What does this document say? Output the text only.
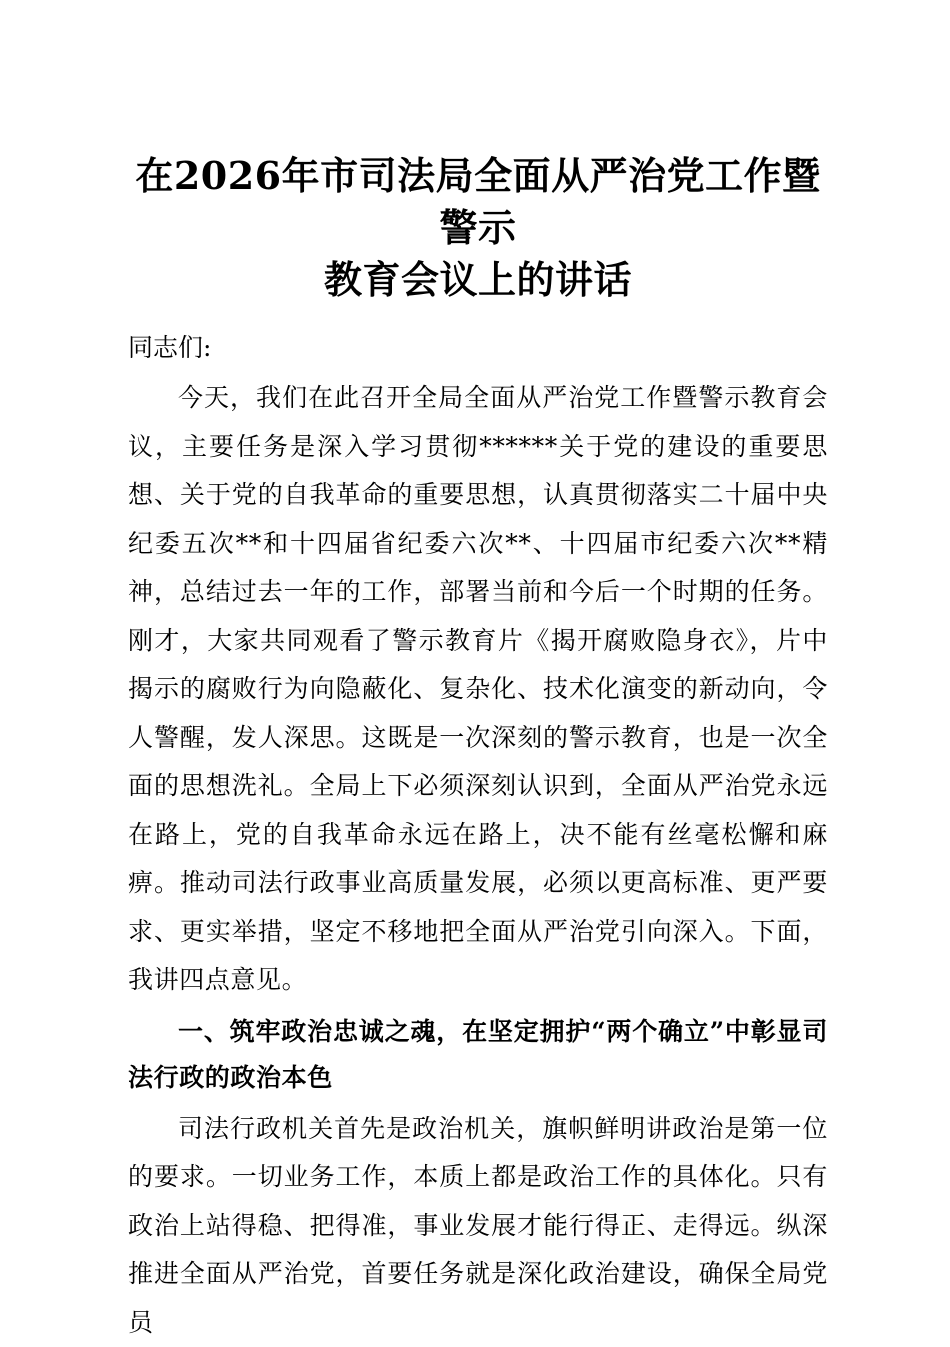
在2026年市司法局全面从严治党工作暨警示
教育会议上的讲话

同志们:

今天，我们在此召开全局全面从严治党工作暨警示教育会议，主要任务是深入学习贯彻******关于党的建设的重要思想、关于党的自我革命的重要思想，认真贯彻落实二十届中央纪委五次**和十四届省纪委六次**、十四届市纪委六次**精神，总结过去一年的工作，部署当前和今后一个时期的任务。刚才，大家共同观看了警示教育片《揭开腐败隐身衣》，片中揭示的腐败行为向隐蔽化、复杂化、技术化演变的新动向，令人警醒，发人深思。这既是一次深刻的警示教育，也是一次全面的思想洗礼。全局上下必须深刻认识到，全面从严治党永远在路上，党的自我革命永远在路上，决不能有丝毫松懈和麻痹。推动司法行政事业高质量发展，必须以更高标准、更严要求、更实举措，坚定不移地把全面从严治党引向深入。下面，我讲四点意见。

一、筑牢政治忠诚之魂，在坚定拥护“两个确立”中彰显司法行政的政治本色

司法行政机关首先是政治机关，旗帜鲜明讲政治是第一位的要求。一切业务工作，本质上都是政治工作的具体化。只有政治上站得稳、把得准，事业发展才能行得正、走得远。纵深推进全面从严治党，首要任务就是深化政治建设，确保全局党员
